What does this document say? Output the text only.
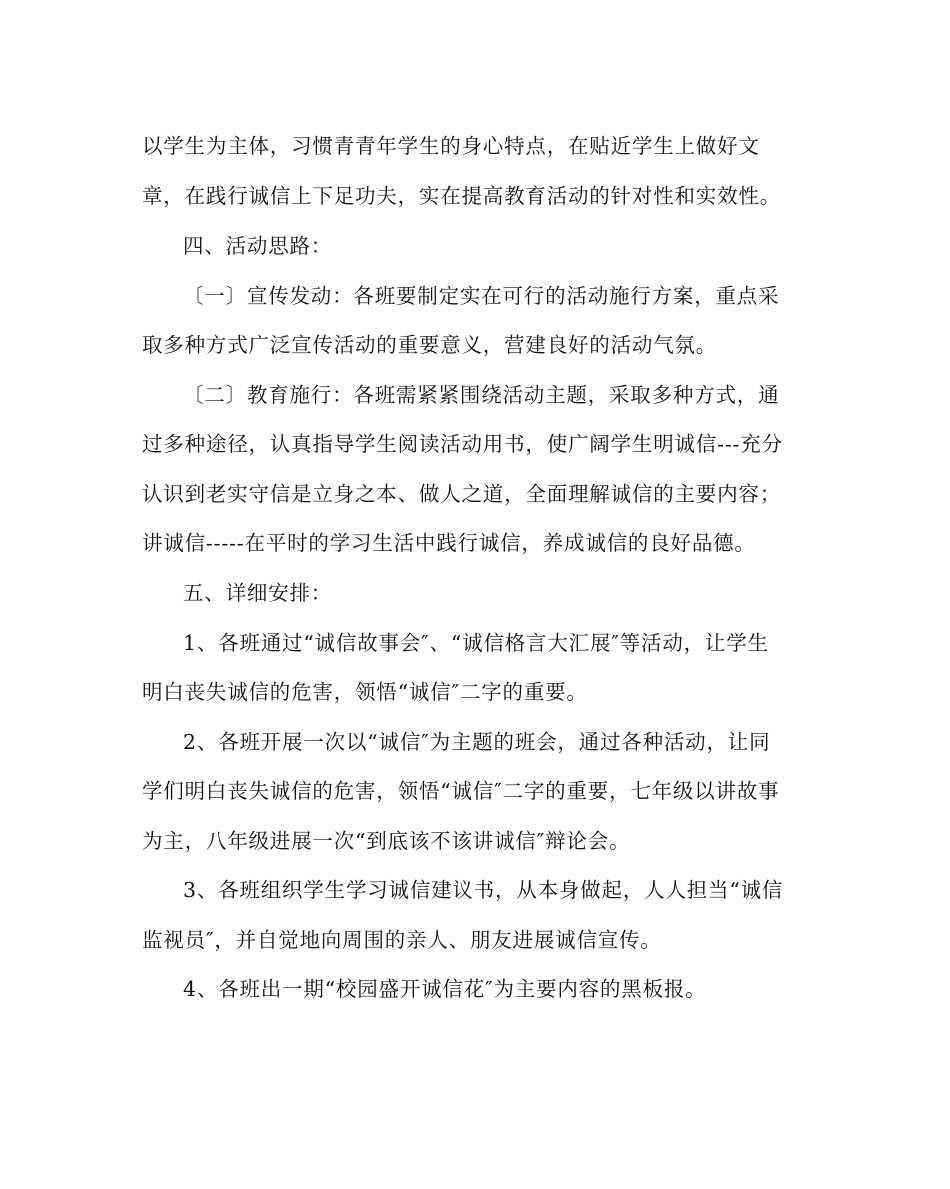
以学生为主体，习惯青青年学生的身心特点，在贴近学生上做好文
章，在践行诚信上下足功夫，实在提高教育活动的针对性和实效性。
四、活动思路：
〔一〕宣传发动：各班要制定实在可行的活动施行方案，重点采
取多种方式广泛宣传活动的重要意义，营建良好的活动气氛。
〔二〕教育施行：各班需紧紧围绕活动主题，采取多种方式，通
过多种途径，认真指导学生阅读活动用书，使广阔学生明诚信---充分
认识到老实守信是立身之本、做人之道，全面理解诚信的主要内容；
讲诚信-----在平时的学习生活中践行诚信，养成诚信的良好品德。
五、详细安排：
1、各班通过“诚信故事会″、“诚信格言大汇展″等活动，让学生
明白丧失诚信的危害，领悟“诚信″二字的重要。
2、各班开展一次以“诚信″为主题的班会，通过各种活动，让同
学们明白丧失诚信的危害，领悟“诚信″二字的重要，七年级以讲故事
为主，八年级进展一次“到底该不该讲诚信″辩论会。
3、各班组织学生学习诚信建议书，从本身做起，人人担当“诚信
监视员″，并自觉地向周围的亲人、朋友进展诚信宣传。
4、各班出一期“校园盛开诚信花″为主要内容的黑板报。
